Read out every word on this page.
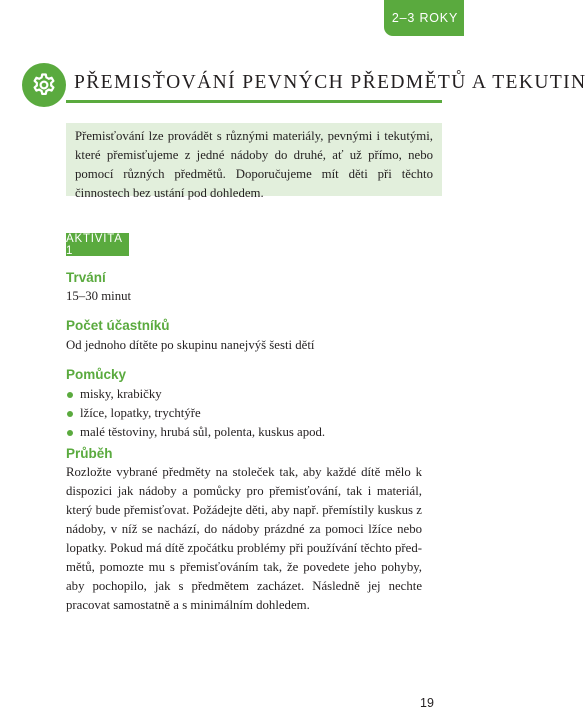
2–3 ROKY
PŘEMISŤOVÁNÍ PEVNÝCH PŘEDMĚTŮ A TEKUTIN
Přemisťování lze provádět s různými materiály, pevnými i tekutými, které přemisťujeme z jedné nádoby do druhé, ať už přímo, nebo pomocí různých předmětů. Doporučujeme mít děti při těchto činnostech bez ustání pod dohledem.
AKTIVITA 1
Trvání
15–30 minut
Počet účastníků
Od jednoho dítěte po skupinu nanejvýš šesti dětí
Pomůcky
misky, krabičky
lžíce, lopatky, trychtýře
malé těstoviny, hrubá sůl, polenta, kuskus apod.
Průběh
Rozložte vybrané předměty na stoleček tak, aby každé dítě mělo k dispozici jak nádoby a pomůcky pro přemisťování, tak i materiál, který bude přemisťovat. Požádejte děti, aby např. přemístily kuskus z nádoby, v níž se nachází, do nádoby prázdné za pomoci lžíce nebo lopatky. Pokud má dítě zpočátku problémy při používání těchto předmětů, pomozte mu s přemisťováním tak, že povedete jeho pohyby, aby pochopilo, jak s předmětem zacházet. Následně jej nechte pracovat samostatně a s minimálním dohledem.
19
